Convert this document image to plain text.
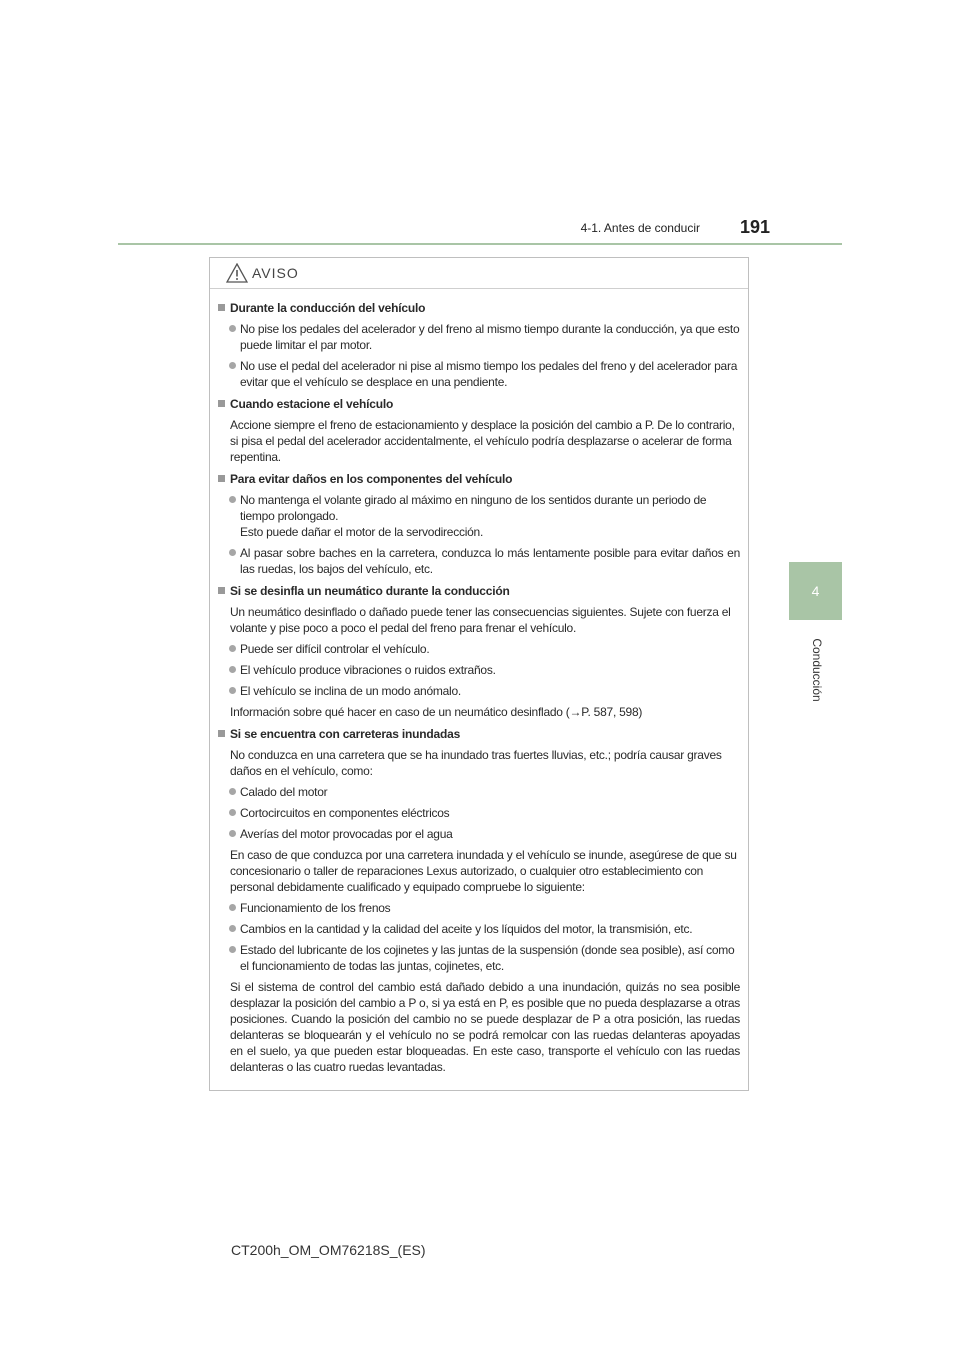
4-1. Antes de conducir 191
4
Conducción
AVISO
Durante la conducción del vehículo
No pise los pedales del acelerador y del freno al mismo tiempo durante la conducción, ya que esto puede limitar el par motor.
No use el pedal del acelerador ni pise al mismo tiempo los pedales del freno y del acelerador para evitar que el vehículo se desplace en una pendiente.
Cuando estacione el vehículo
Accione siempre el freno de estacionamiento y desplace la posición del cambio a P. De lo contrario, si pisa el pedal del acelerador accidentalmente, el vehículo podría desplazarse o acelerar de forma repentina.
Para evitar daños en los componentes del vehículo
No mantenga el volante girado al máximo en ninguno de los sentidos durante un periodo de tiempo prolongado.
Esto puede dañar el motor de la servodirección.
Al pasar sobre baches en la carretera, conduzca lo más lentamente posible para evitar daños en las ruedas, los bajos del vehículo, etc.
Si se desinfla un neumático durante la conducción
Un neumático desinflado o dañado puede tener las consecuencias siguientes. Sujete con fuerza el volante y pise poco a poco el pedal del freno para frenar el vehículo.
Puede ser difícil controlar el vehículo.
El vehículo produce vibraciones o ruidos extraños.
El vehículo se inclina de un modo anómalo.
Información sobre qué hacer en caso de un neumático desinflado (→P. 587, 598)
Si se encuentra con carreteras inundadas
No conduzca en una carretera que se ha inundado tras fuertes lluvias, etc.; podría causar graves daños en el vehículo, como:
Calado del motor
Cortocircuitos en componentes eléctricos
Averías del motor provocadas por el agua
En caso de que conduzca por una carretera inundada y el vehículo se inunde, asegúrese de que su concesionario o taller de reparaciones Lexus autorizado, o cualquier otro establecimiento con personal debidamente cualificado y equipado compruebe lo siguiente:
Funcionamiento de los frenos
Cambios en la cantidad y la calidad del aceite y los líquidos del motor, la transmisión, etc.
Estado del lubricante de los cojinetes y las juntas de la suspensión (donde sea posible), así como el funcionamiento de todas las juntas, cojinetes, etc.
Si el sistema de control del cambio está dañado debido a una inundación, quizás no sea posible desplazar la posición del cambio a P o, si ya está en P, es posible que no pueda desplazarse a otras posiciones. Cuando la posición del cambio no se puede desplazar de P a otra posición, las ruedas delanteras se bloquearán y el vehículo no se podrá remolcar con las ruedas delanteras apoyadas en el suelo, ya que pueden estar bloqueadas. En este caso, transporte el vehículo con las ruedas delanteras o las cuatro ruedas levantadas.
CT200h_OM_OM76218S_(ES)
